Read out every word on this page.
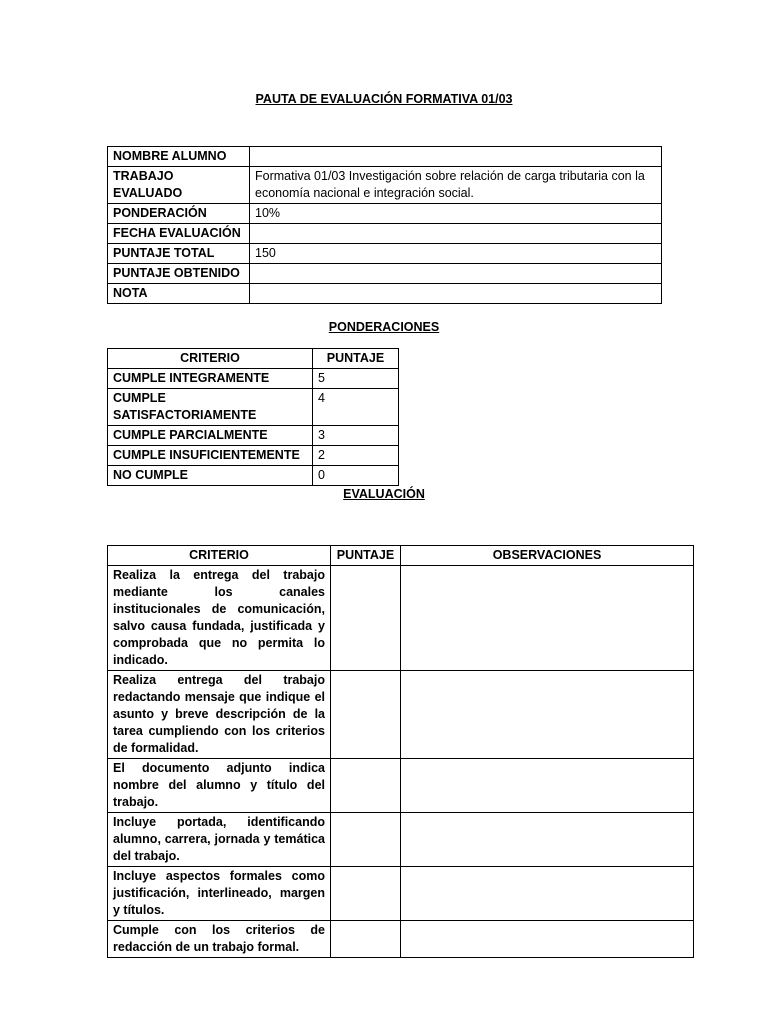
PAUTA DE EVALUACIÓN FORMATIVA 01/03
NOMBRE ALUMNO	
TRABAJO EVALUADO	Formativa 01/03 Investigación sobre relación de carga tributaria con la economía nacional e integración social.
PONDERACIÓN	10%
FECHA EVALUACIÓN	
PUNTAJE TOTAL	150
PUNTAJE OBTENIDO	
NOTA	
PONDERACIONES
CRITERIO	PUNTAJE
CUMPLE INTEGRAMENTE	5
CUMPLE SATISFACTORIAMENTE	4
CUMPLE PARCIALMENTE	3
CUMPLE INSUFICIENTEMENTE	2
NO CUMPLE	0
EVALUACIÓN
CRITERIO	PUNTAJE	OBSERVACIONES
Realiza la entrega del trabajo mediante los canales institucionales de comunicación, salvo causa fundada, justificada y comprobada que no permita lo indicado.		
Realiza entrega del trabajo redactando mensaje que indique el asunto y breve descripción de la tarea cumpliendo con los criterios de formalidad.		
El documento adjunto indica nombre del alumno y título del trabajo.		
Incluye portada, identificando alumno, carrera, jornada y temática del trabajo.		
Incluye aspectos formales como justificación, interlineado, margen y títulos.		
Cumple con los criterios de redacción de un trabajo formal.		
